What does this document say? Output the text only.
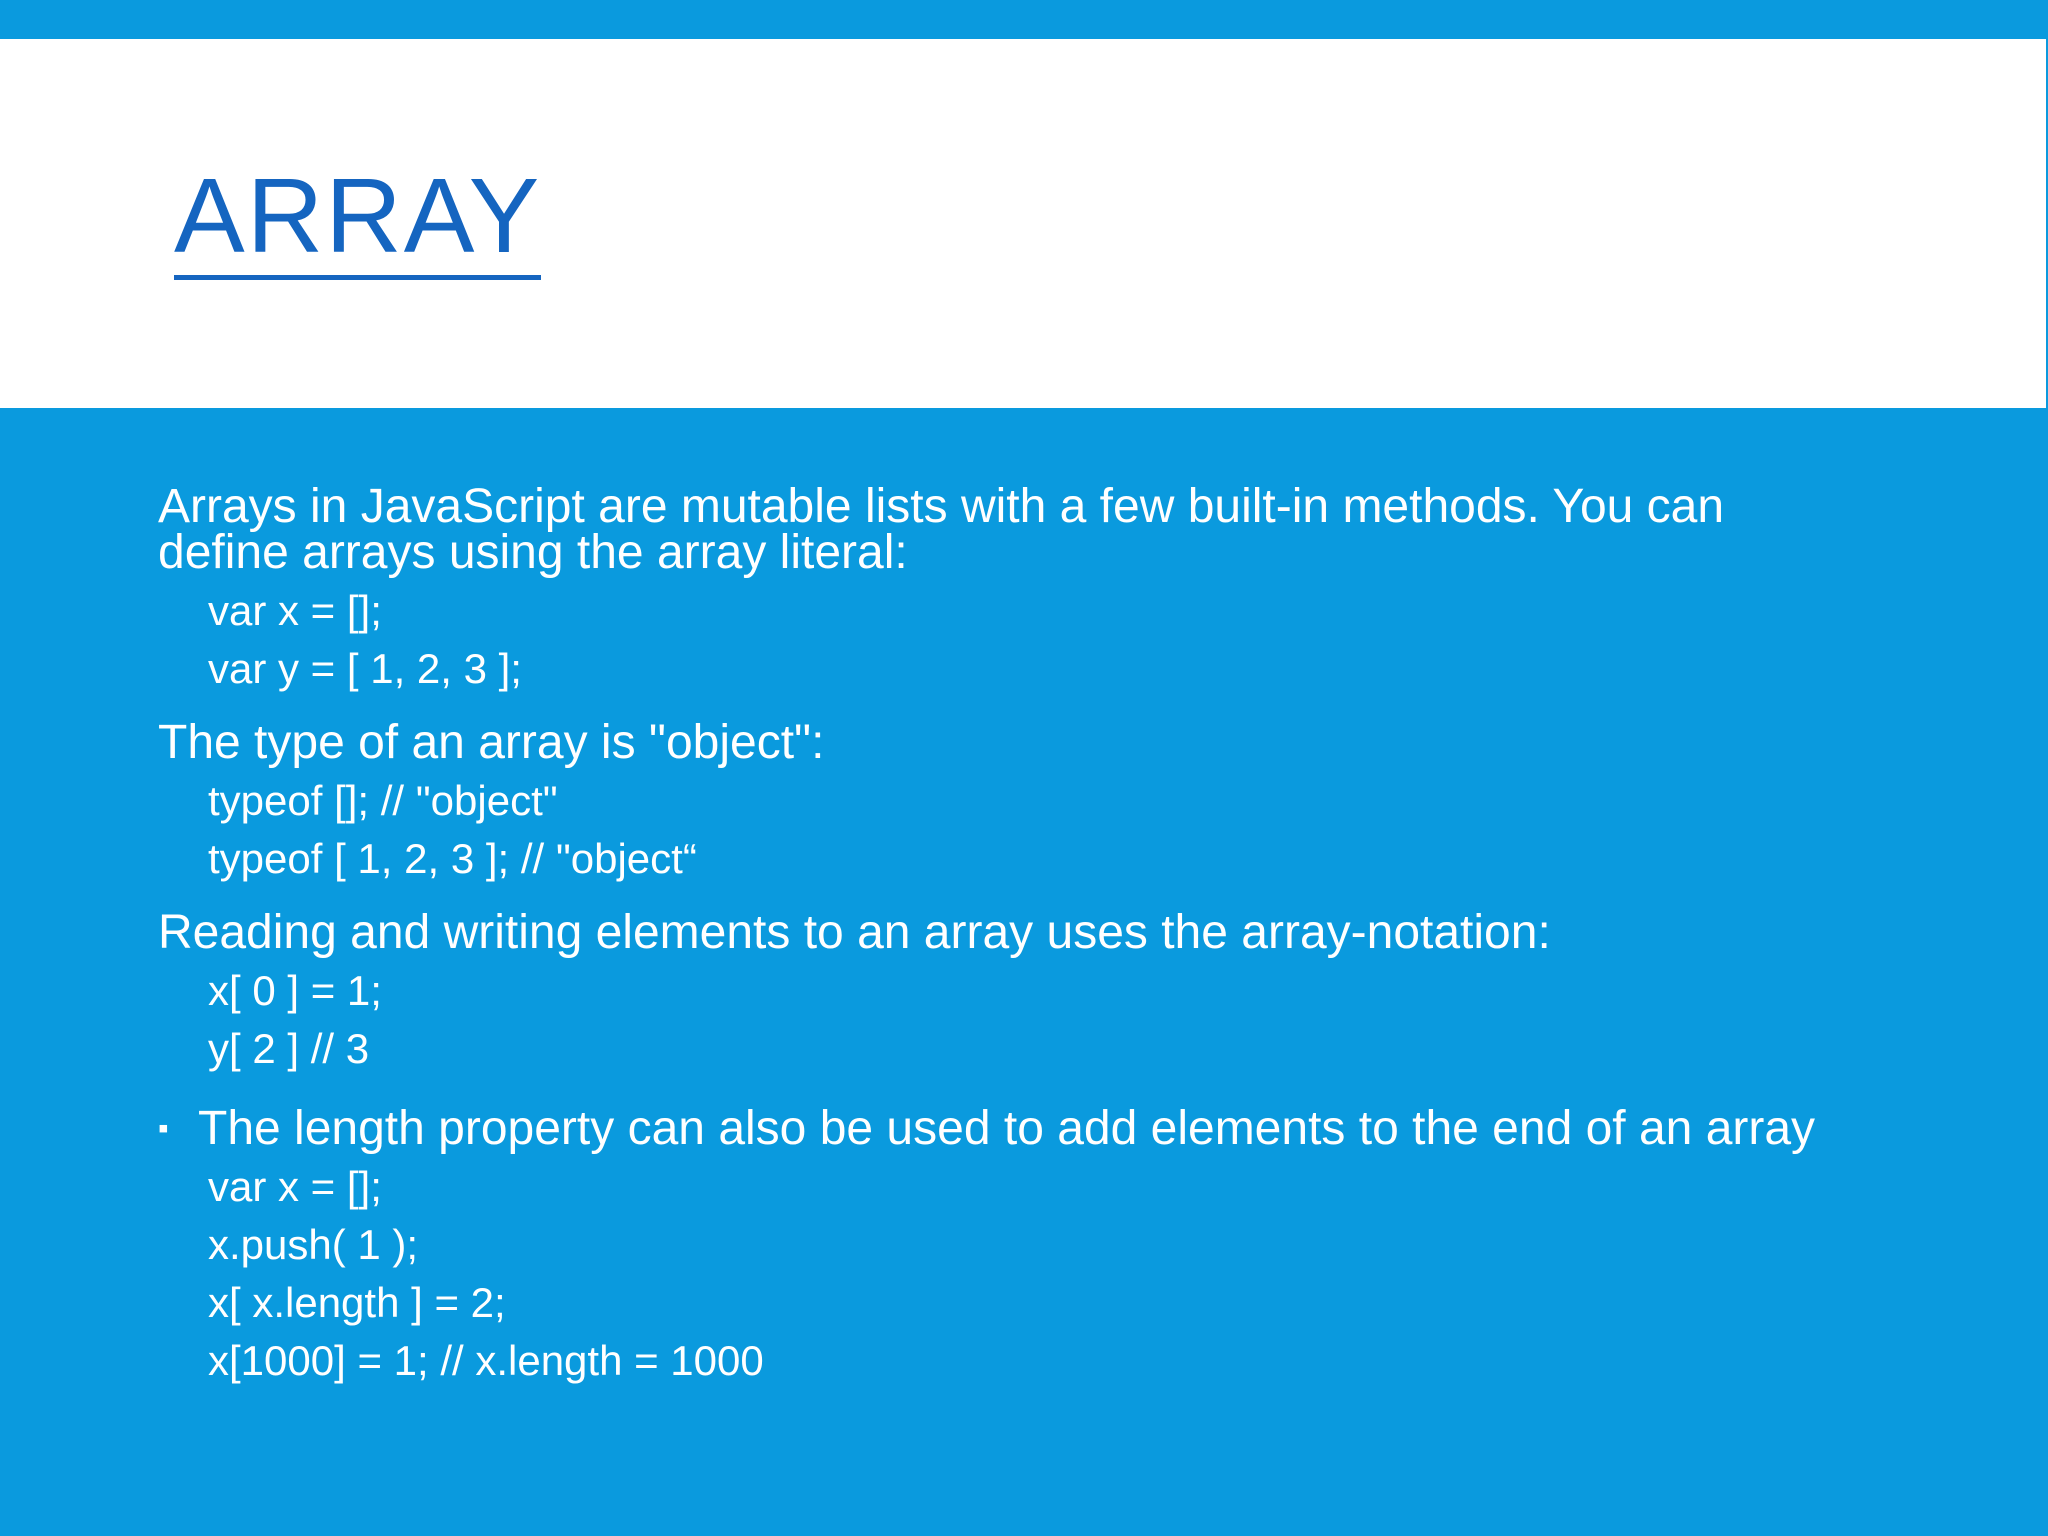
ARRAY
Arrays in JavaScript are mutable lists with a few built-in methods. You can
define arrays using the array literal:
var x = [];
var y = [ 1, 2, 3 ];
The type of an array is "object":
typeof []; // "object"
typeof [ 1, 2, 3 ]; // "object“
Reading and writing elements to an array uses the array-notation:
x[ 0 ] = 1;
y[ 2 ] // 3
▪ The length property can also be used to add elements to the end of an array
var x = [];
x.push( 1 );
x[ x.length ] = 2;
x[1000] = 1; // x.length = 1000
